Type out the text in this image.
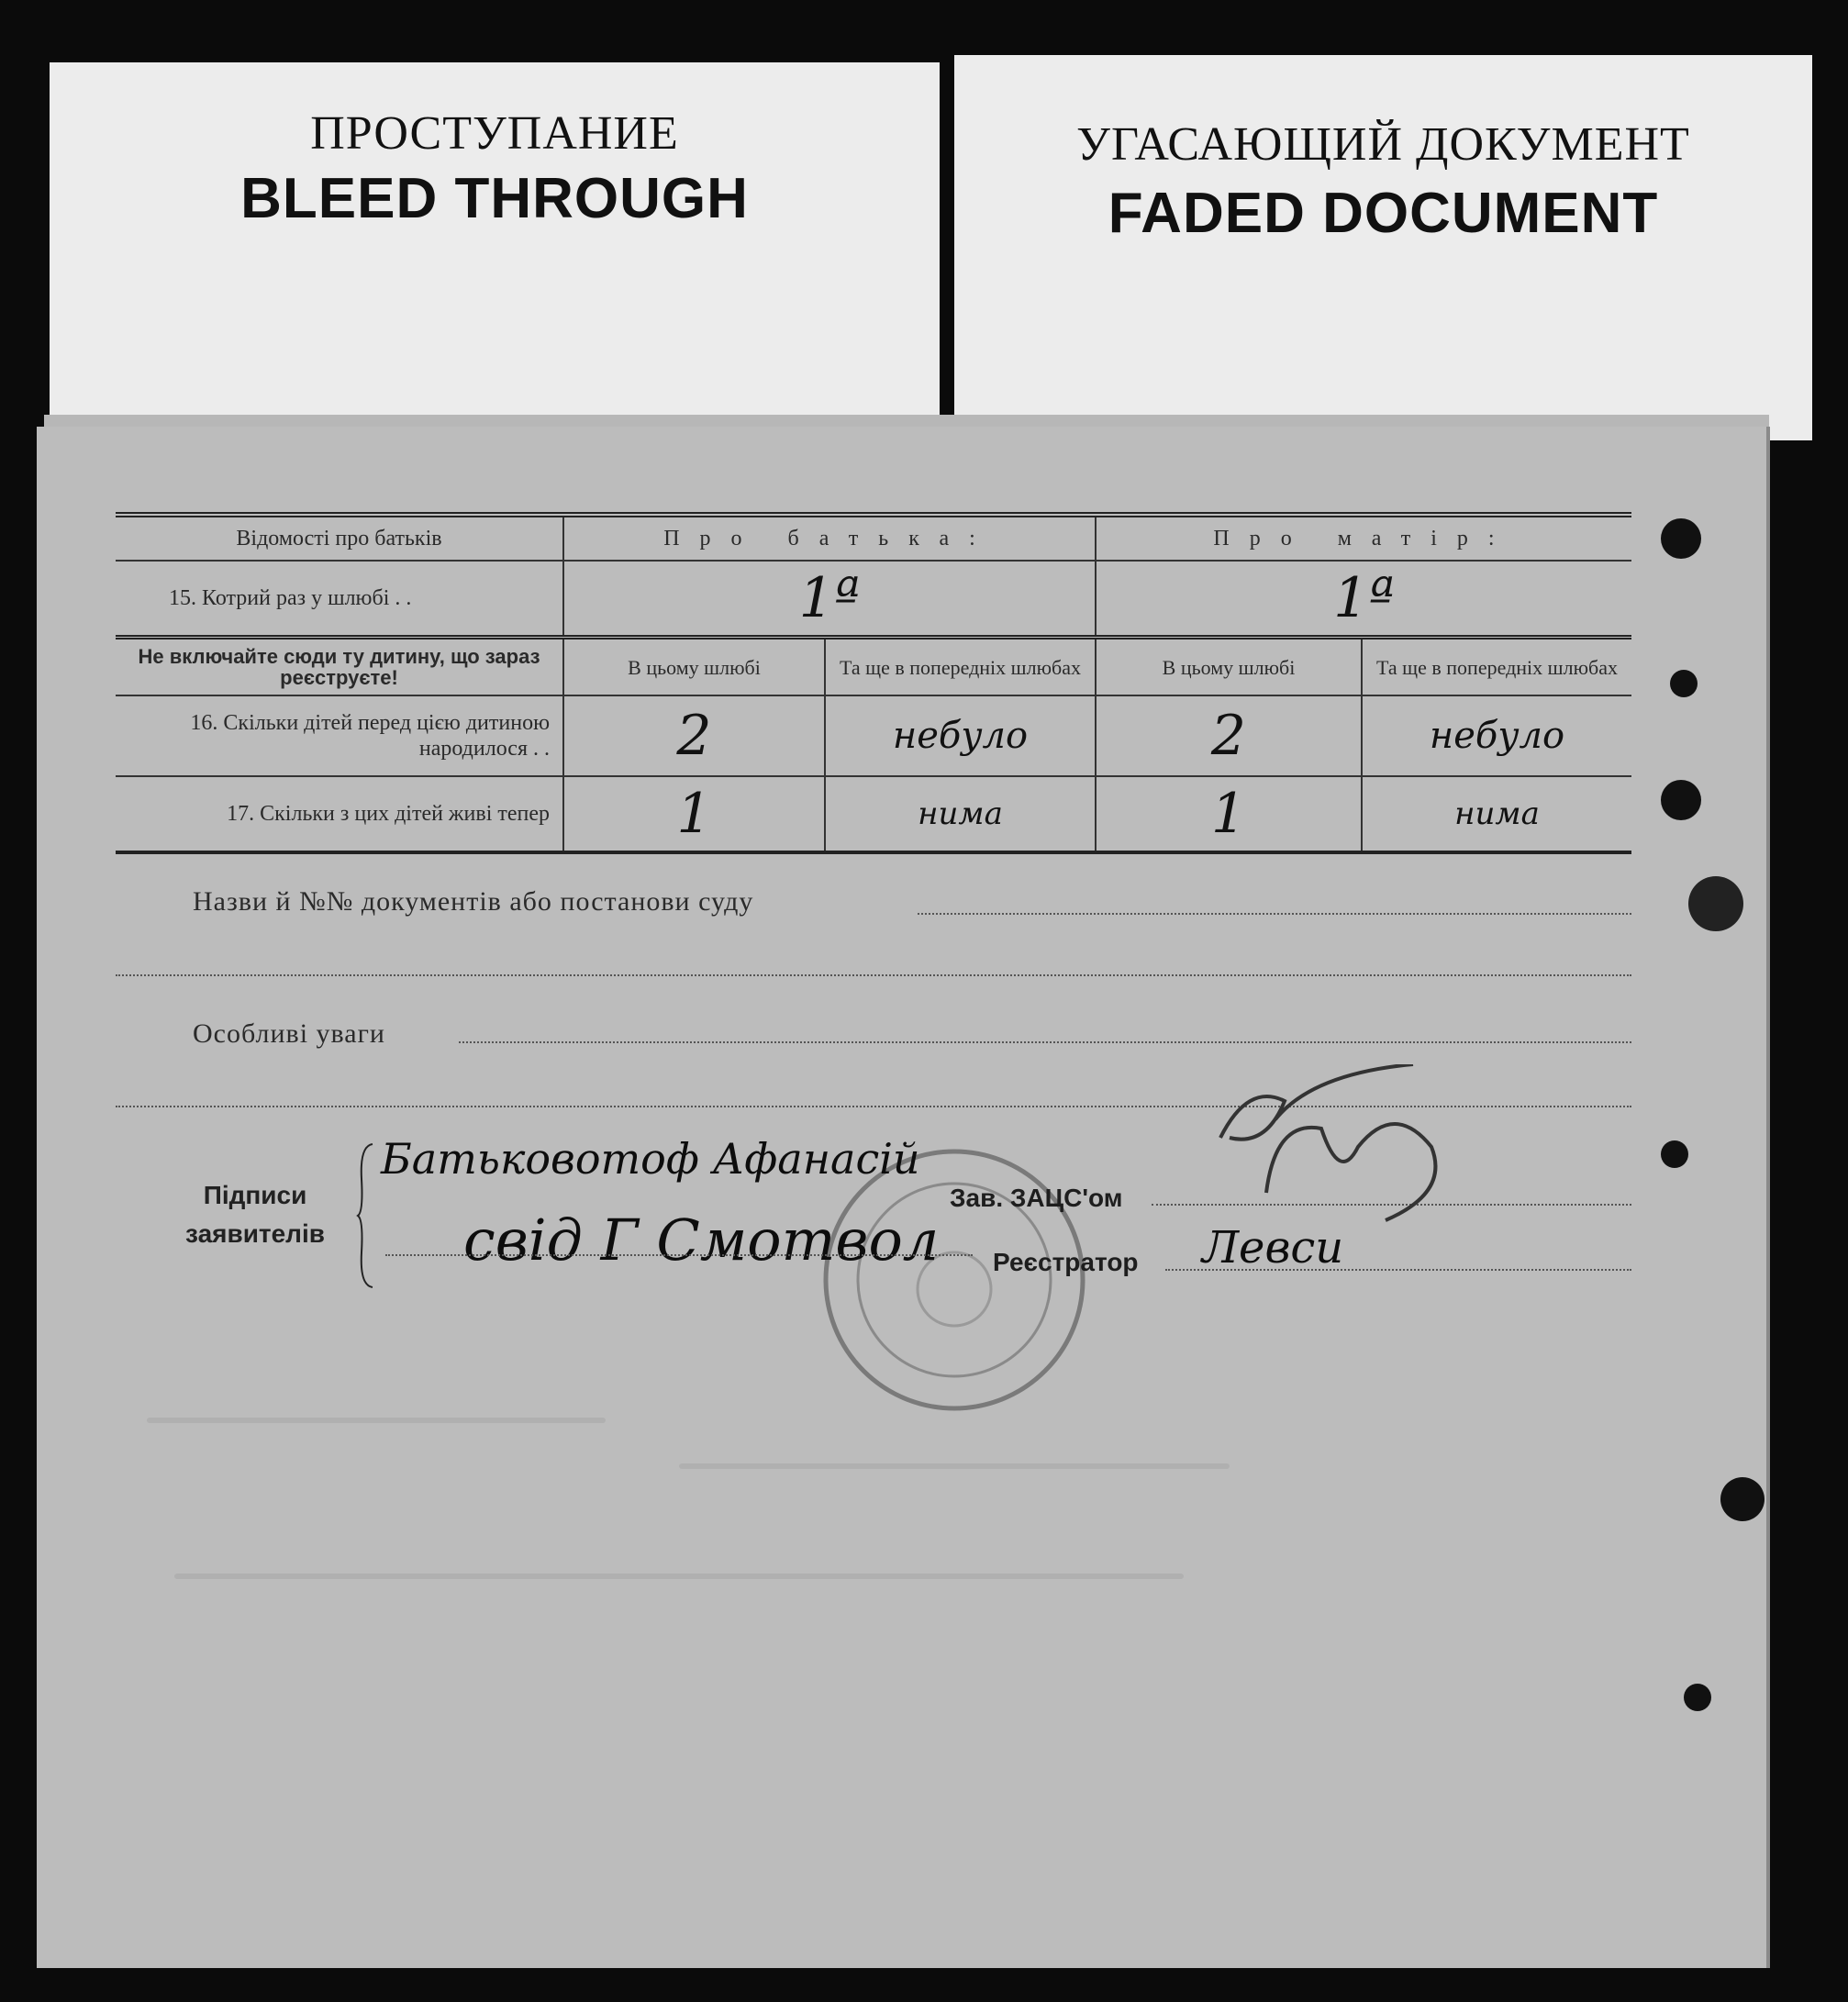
ПРОСТУПАНИЕ
BLEED THROUGH
УГАСАЮЩИЙ ДОКУМЕНТ
FADED DOCUMENT
Відомості про батьків	Про батька:		Про матір:	
15. Котрий раз у шлюбі . .	1ª		1ª	
Не включайте сюди ту дитину, що зараз реєструєте!	В цьому шлюбі	Та ще в попередніх шлюбах	В цьому шлюбі	Та ще в попередніх шлюбах
16. Скільки дітей перед цією дитиною народилося . .	2	небуло	2	небуло
17. Скільки з цих дітей живі тепер	1	нима	1	нима
Назви й №№ документів або постанови суду
Особливі уваги
Підписи
заявителів
Батьковотоф Афанасій
свід Г Смотвол
Зав. ЗАЦС'ом
Реєстратор Левси
